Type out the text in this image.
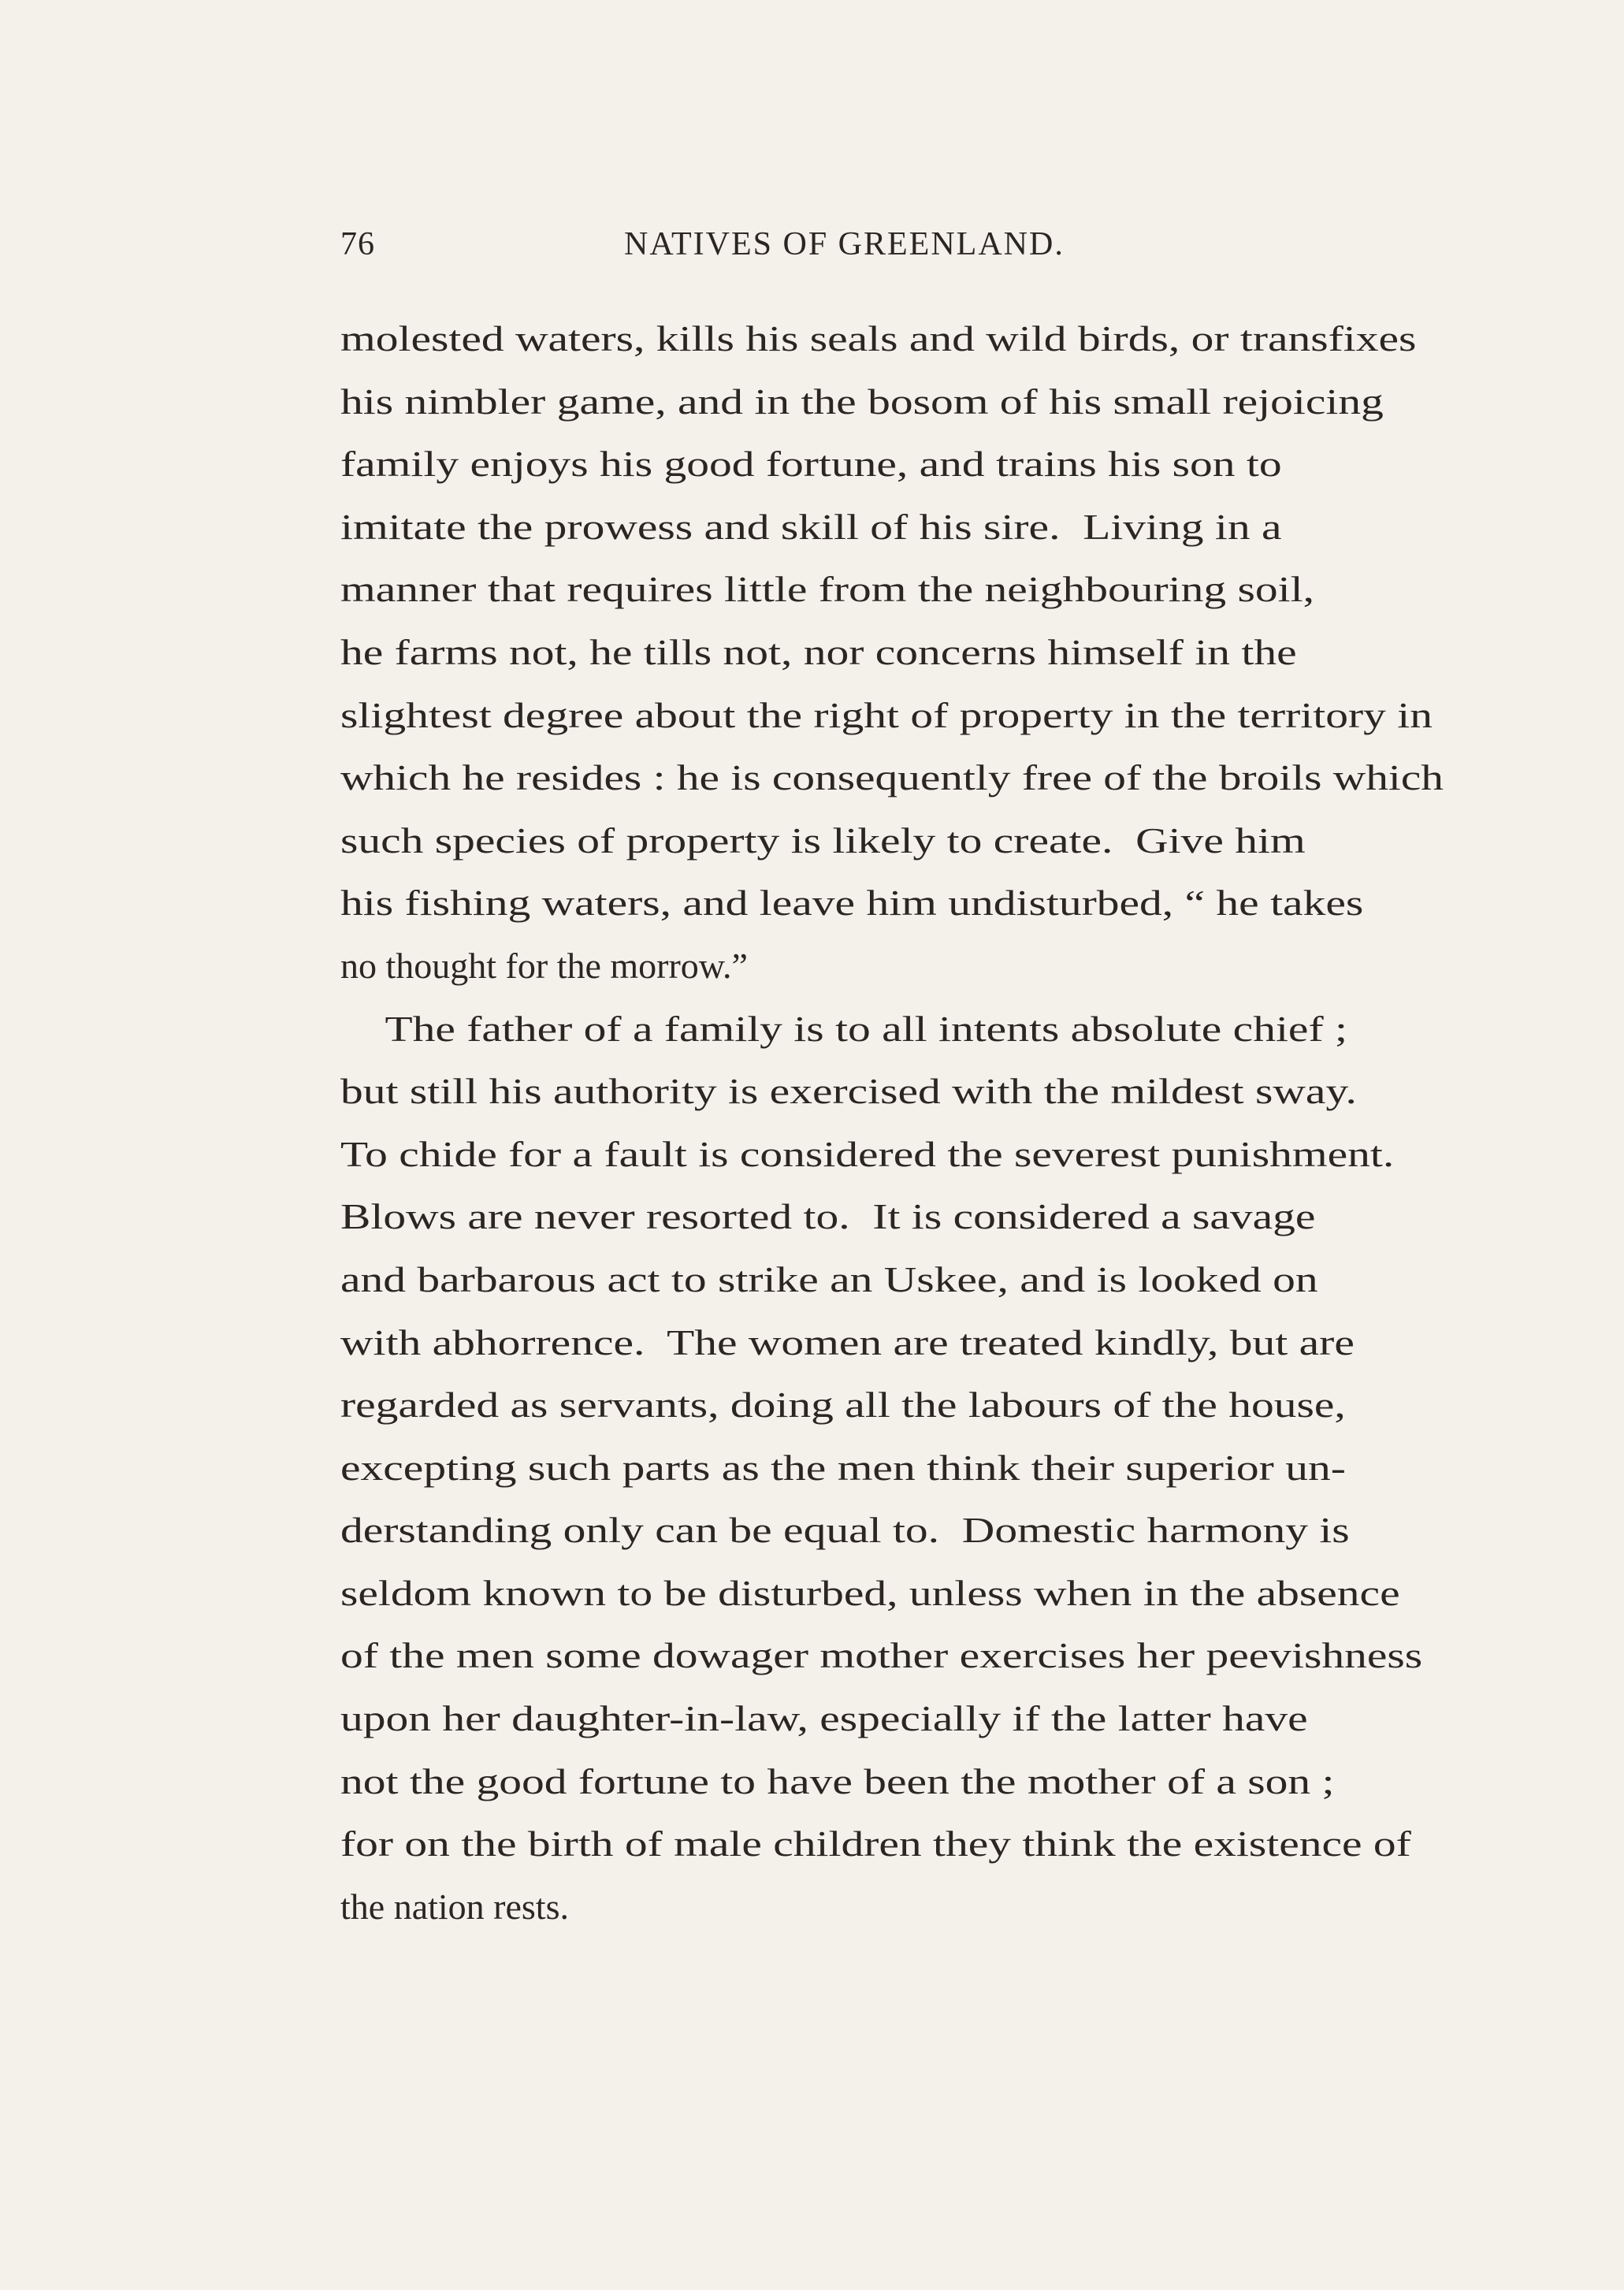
76	NATIVES OF GREENLAND.
molested waters, kills his seals and wild birds, or transfixes
his nimbler game, and in the bosom of his small rejoicing
family enjoys his good fortune, and trains his son to
imitate the prowess and skill of his sire.  Living in a
manner that requires little from the neighbouring soil,
he farms not, he tills not, nor concerns himself in the
slightest degree about the right of property in the territory in
which he resides : he is consequently free of the broils which
such species of property is likely to create.  Give him
his fishing waters, and leave him undisturbed, “ he takes
no thought for the morrow.”
The father of a family is to all intents absolute chief ;
but still his authority is exercised with the mildest sway.
To chide for a fault is considered the severest punishment.
Blows are never resorted to.  It is considered a savage
and barbarous act to strike an Uskee, and is looked on
with abhorrence.  The women are treated kindly, but are
regarded as servants, doing all the labours of the house,
excepting such parts as the men think their superior un-
derstanding only can be equal to.  Domestic harmony is
seldom known to be disturbed, unless when in the absence
of the men some dowager mother exercises her peevishness
upon her daughter-in-law, especially if the latter have
not the good fortune to have been the mother of a son ;
for on the birth of male children they think the existence of
the nation rests.
